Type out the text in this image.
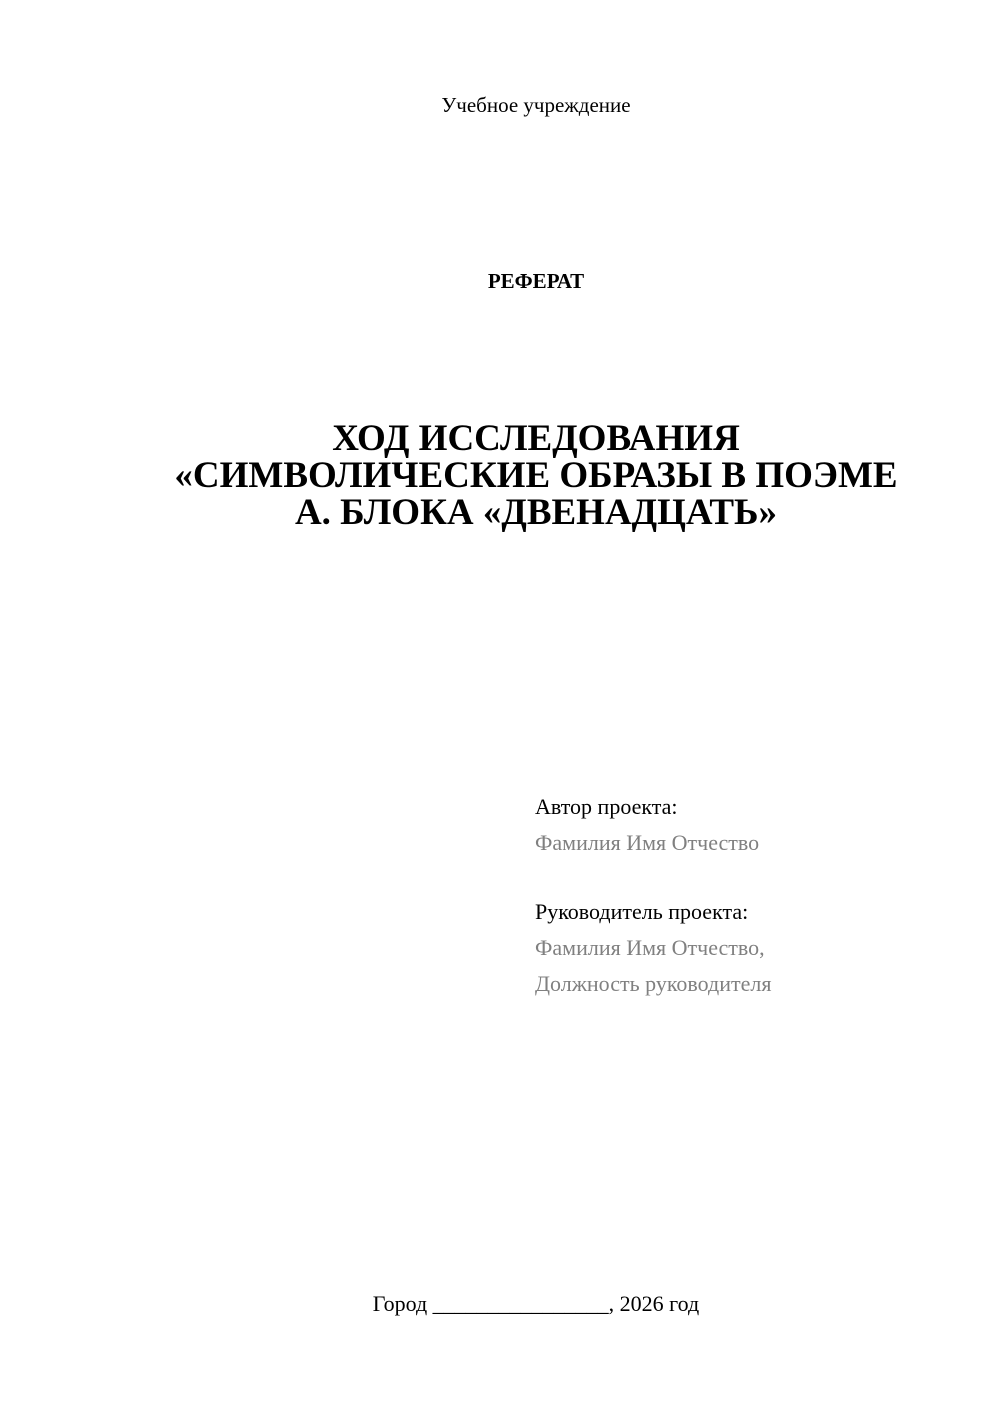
Учебное учреждение
РЕФЕРАТ
ХОД ИССЛЕДОВАНИЯ
«СИМВОЛИЧЕСКИЕ ОБРАЗЫ В ПОЭМЕ
А. БЛОКА «ДВЕНАДЦАТЬ»
Автор проекта:
Фамилия Имя Отчество
Руководитель проекта:
Фамилия Имя Отчество,
Должность руководителя
Город ________________, 2026 год
